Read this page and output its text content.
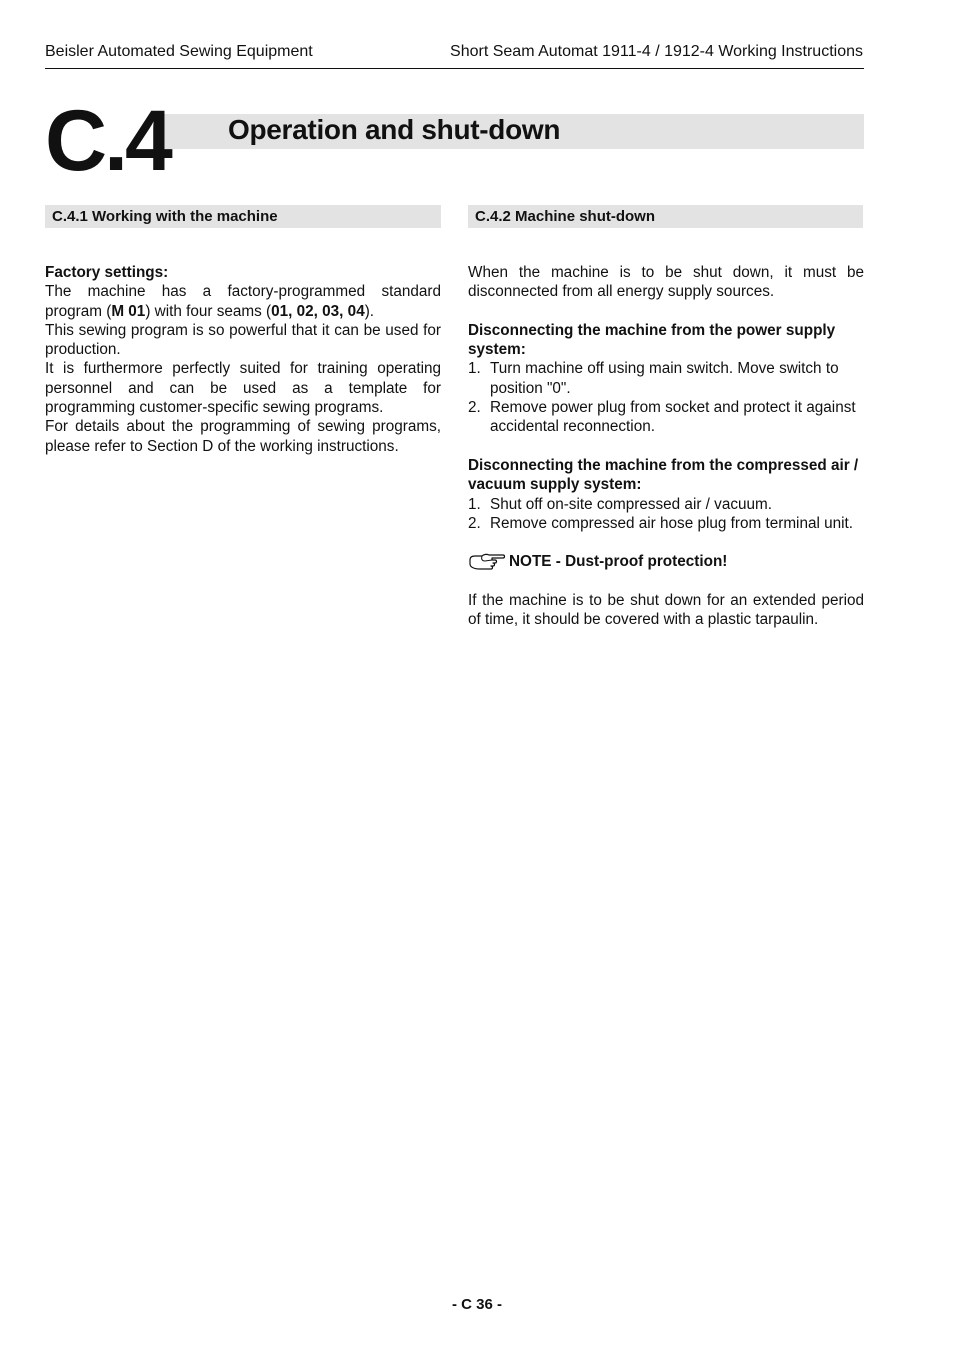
Beisler Automated Sewing Equipment	Short Seam Automat 1911-4 / 1912-4 Working Instructions
C.4 Operation and shut-down
C.4.1 Working with the machine	C.4.2 Machine shut-down

Factory settings:

The machine has a factory-programmed standard program (M 01) with four seams (01, 02, 03, 04).

This sewing program is so powerful that it can be used for production.

It is furthermore perfectly suited for training operating personnel and can be used as a template for programming customer-specific sewing programs.

For details about the programming of sewing programs, please refer to Section D of the working instructions.

When the machine is to be shut down, it must be disconnected from all energy supply sources.

Disconnecting the machine from the power supply system:

1. Turn machine off using main switch. Move switch to position "0".
2. Remove power plug from socket and protect it against accidental reconnection.

Disconnecting the machine from the compressed air / vacuum supply system:

1. Shut off on-site compressed air / vacuum.
2. Remove compressed air hose plug from terminal unit.
NOTE - Dust-proof protection!

If the machine is to be shut down for an extended period of time, it should be covered with a plastic tarpaulin.

- C 36 -
